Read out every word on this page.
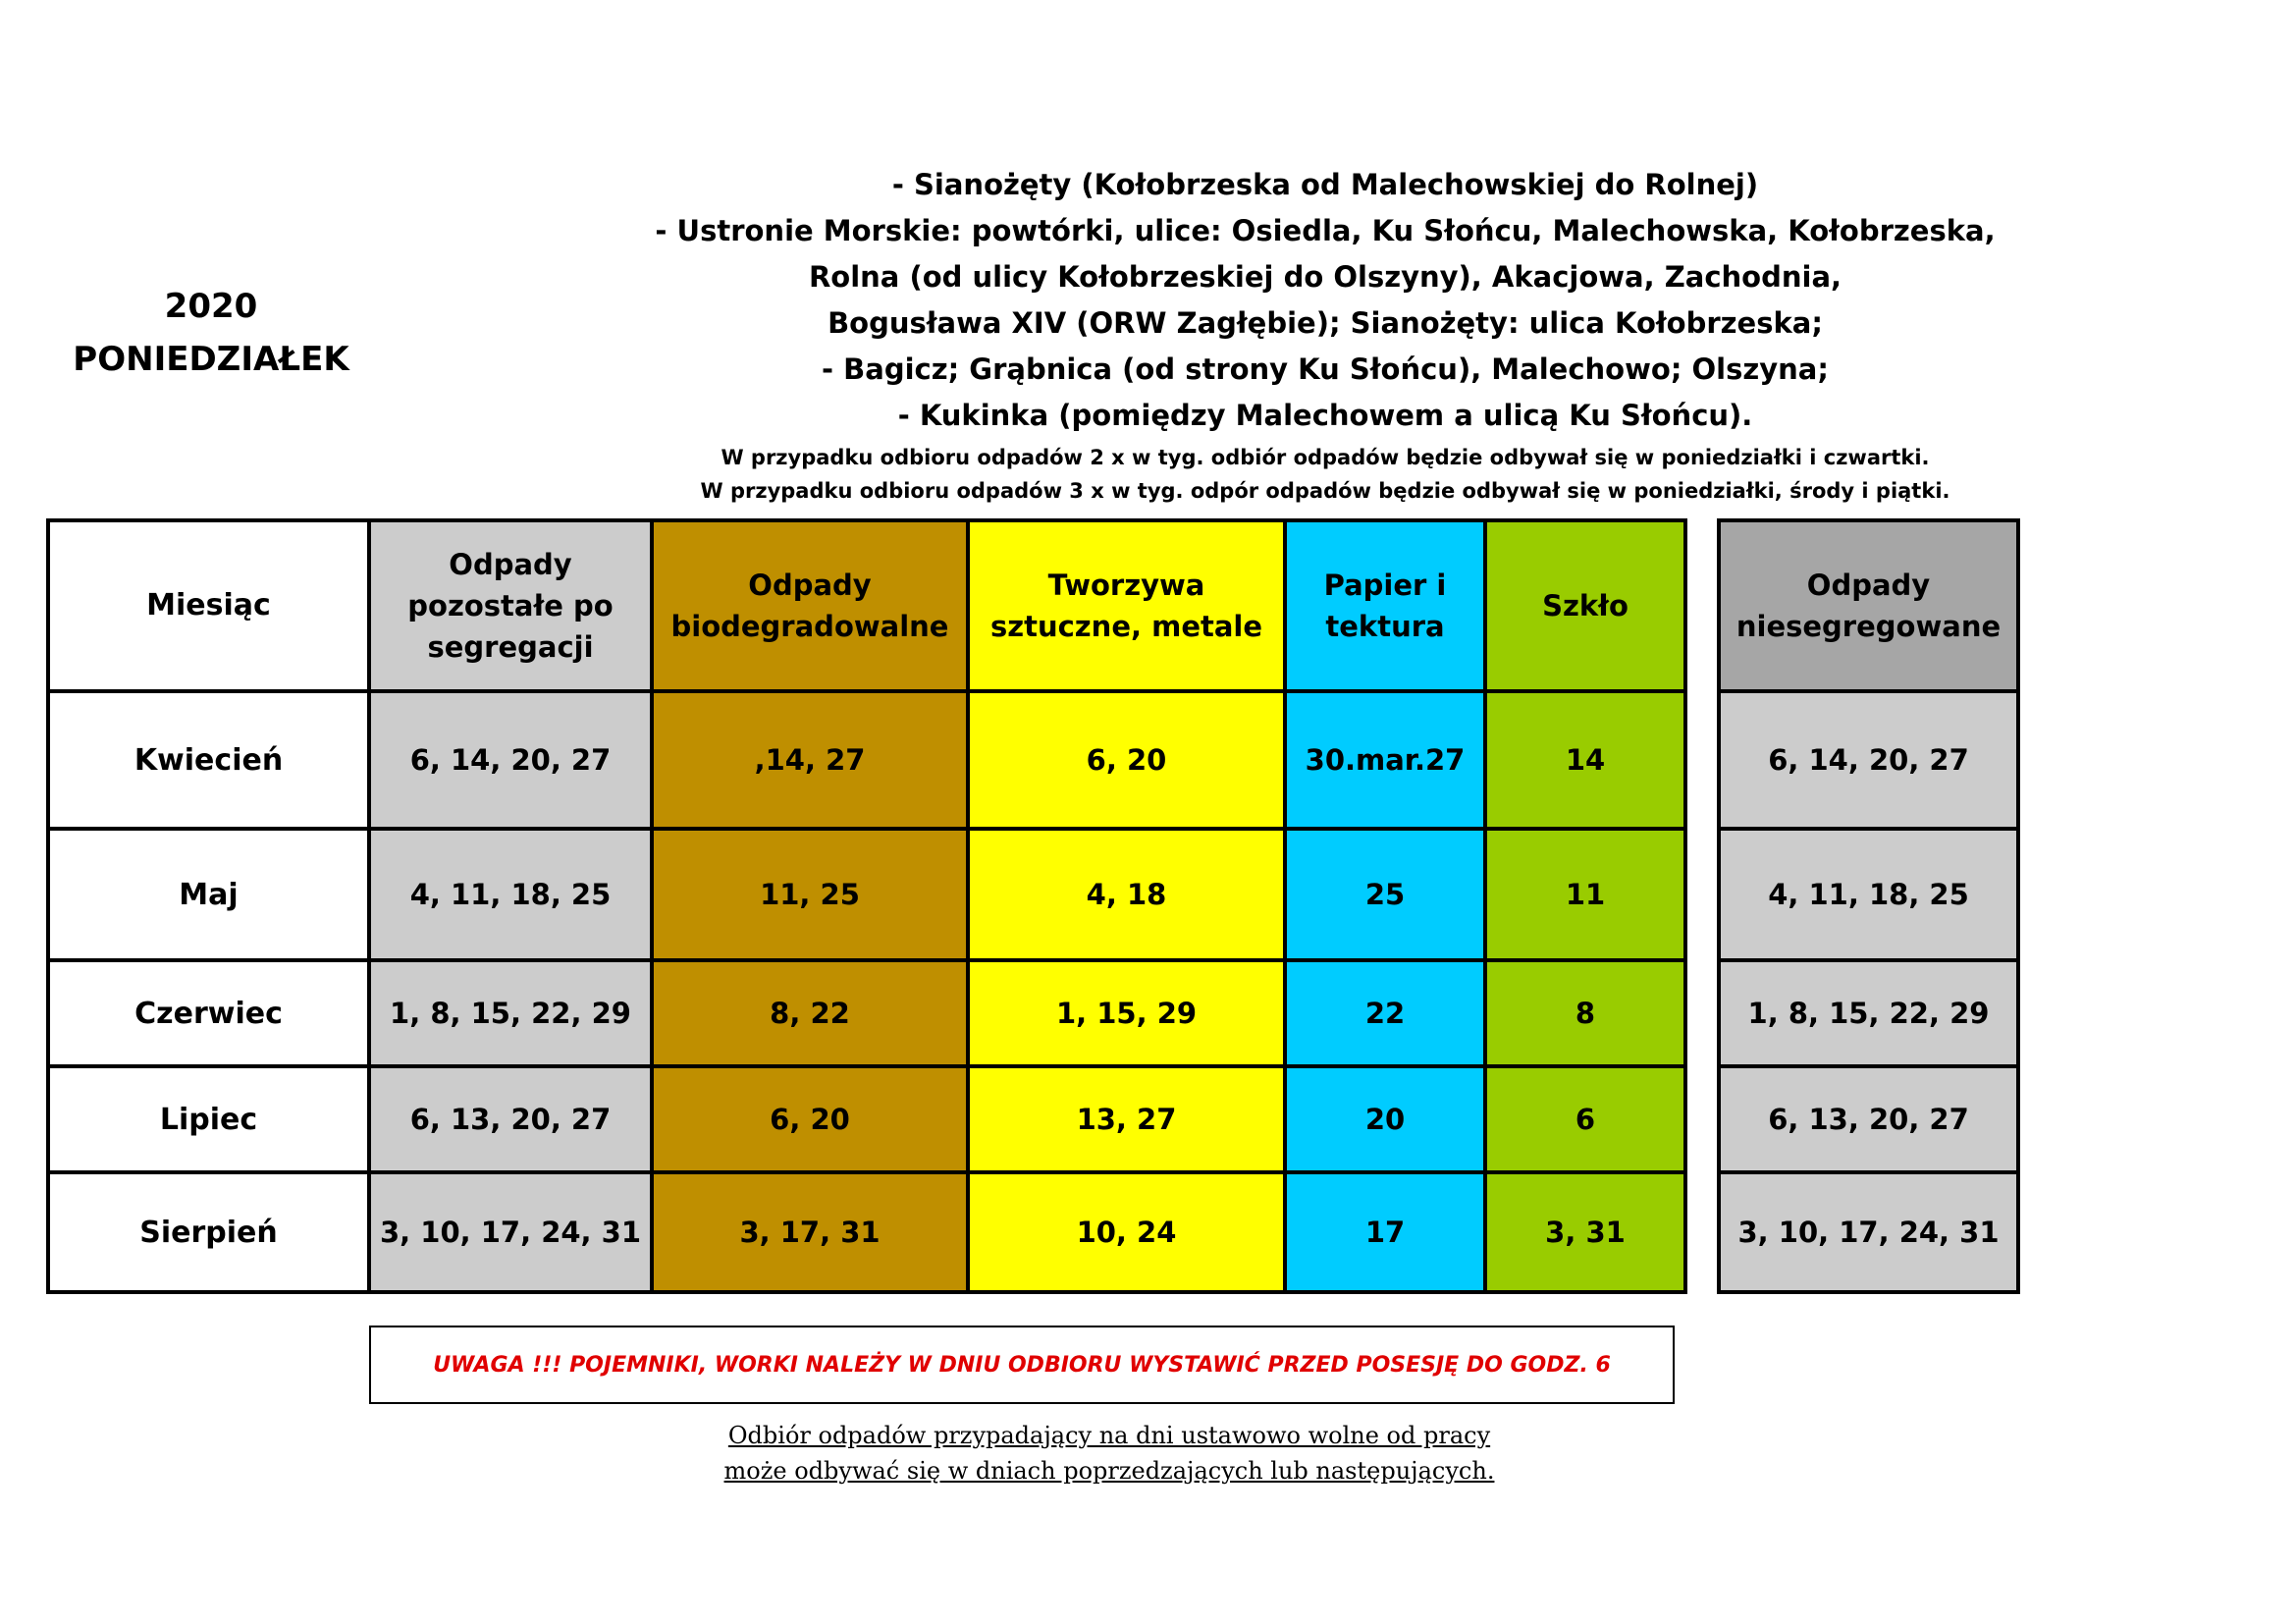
2020
PONIEDZIAŁEK
- Sianożęty (Kołobrzeska od Malechowskiej do Rolnej)
- Ustronie Morskie: powtórki, ulice: Osiedla, Ku Słońcu, Malechowska, Kołobrzeska,
Rolna (od ulicy Kołobrzeskiej do Olszyny), Akacjowa, Zachodnia,
Bogusława XIV (ORW Zagłębie); Sianożęty: ulica Kołobrzeska;
- Bagicz; Grąbnica (od strony Ku Słońcu), Malechowo; Olszyna;
- Kukinka (pomiędzy Malechowem a ulicą Ku Słońcu).
W przypadku odbioru odpadów 2 x w tyg. odbiór odpadów będzie odbywał się w poniedziałki i czwartki.
W przypadku odbioru odpadów 3 x w tyg. odpór odpadów będzie odbywał się w poniedziałki, środy i piątki.
Miesiąc	Odpady pozostałe po segregacji	Odpady biodegradowalne	Tworzywa sztuczne, metale	Papier i tektura	Szkło		Odpady niesegregowane
Kwiecień	6, 14, 20, 27	,14, 27	6, 20	30.mar.27	14		6, 14, 20, 27
Maj	4, 11, 18, 25	11, 25	4, 18	25	11		4, 11, 18, 25
Czerwiec	1, 8, 15, 22, 29	8, 22	1, 15, 29	22	8		1, 8, 15, 22, 29
Lipiec	6, 13, 20, 27	6, 20	13, 27	20	6		6, 13, 20, 27
Sierpień	3, 10, 17, 24, 31	3, 17, 31	10, 24	17	3, 31		3, 10, 17, 24, 31
UWAGA !!! POJEMNIKI, WORKI NALEŻY W DNIU ODBIORU WYSTAWIĆ PRZED POSESJĘ DO GODZ. 6
Odbiór odpadów przypadający na dni ustawowo wolne od pracy
może odbywać się w dniach poprzedzających lub następujących.
